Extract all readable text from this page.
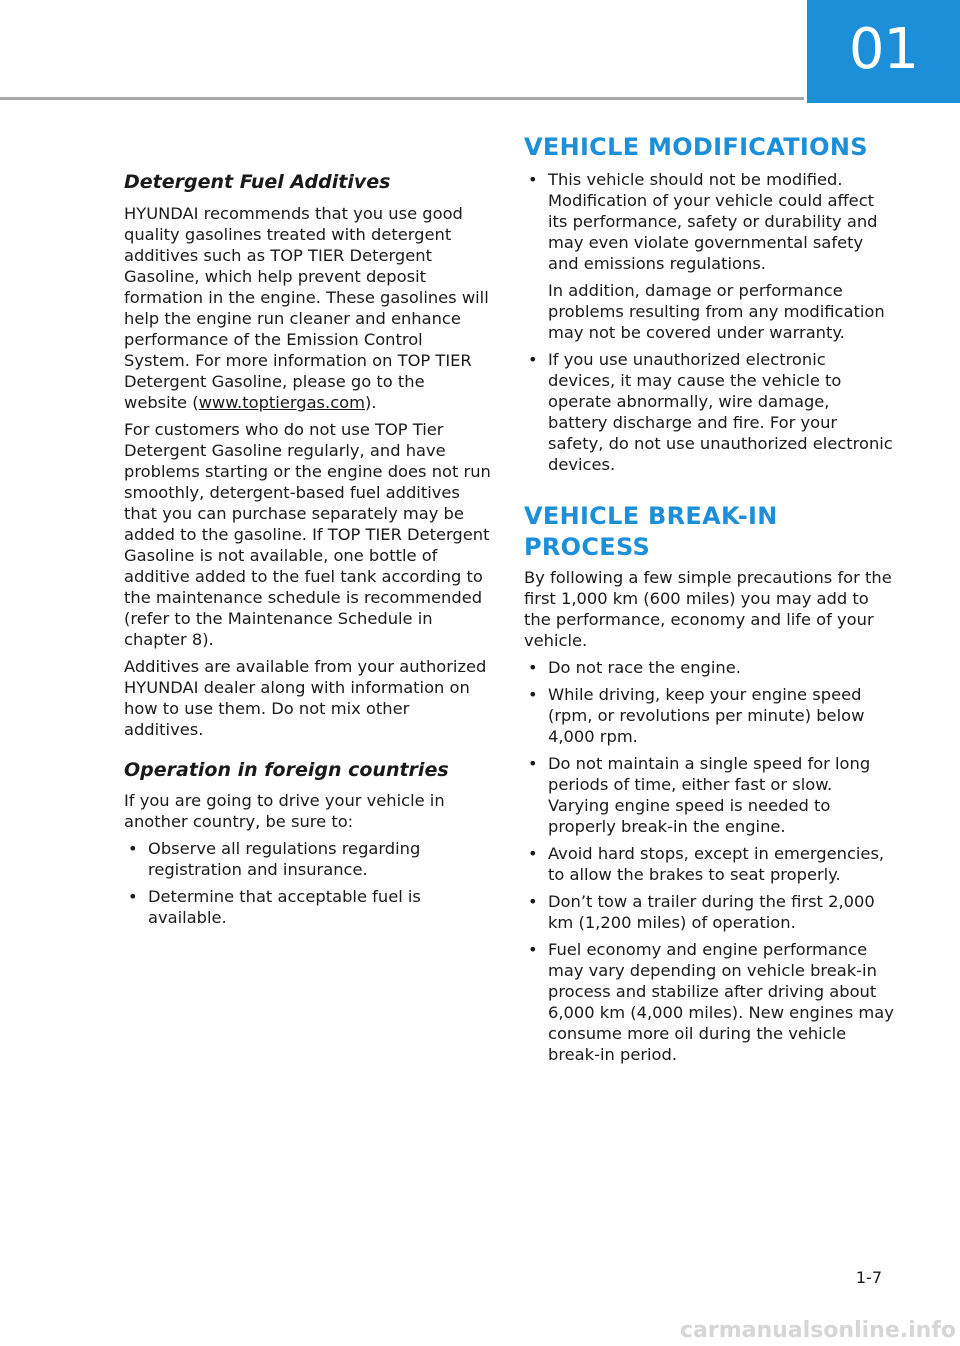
01
Detergent Fuel Additives

HYUNDAI recommends that you use good quality gasolines treated with detergent additives such as TOP TIER Detergent Gasoline, which help prevent deposit formation in the engine. These gasolines will help the engine run cleaner and enhance performance of the Emission Control System. For more information on TOP TIER Detergent Gasoline, please go to the website (www.toptiergas.com).

For customers who do not use TOP Tier Detergent Gasoline regularly, and have problems starting or the engine does not run smoothly, detergent-based fuel additives that you can purchase separately may be added to the gasoline. If TOP TIER Detergent Gasoline is not available, one bottle of additive added to the fuel tank according to the maintenance schedule is recommended (refer to the Maintenance Schedule in chapter 8).

Additives are available from your authorized HYUNDAI dealer along with information on how to use them. Do not mix other additives.

Operation in foreign countries

If you are going to drive your vehicle in another country, be sure to:

• Observe all regulations regarding registration and insurance.
• Determine that acceptable fuel is available.
VEHICLE MODIFICATIONS
• This vehicle should not be modified. Modification of your vehicle could affect its performance, safety or durability and may even violate governmental safety and emissions regulations.
In addition, damage or performance problems resulting from any modification may not be covered under warranty.
• If you use unauthorized electronic devices, it may cause the vehicle to operate abnormally, wire damage, battery discharge and fire. For your safety, do not use unauthorized electronic devices.
VEHICLE BREAK-IN
PROCESS

By following a few simple precautions for the first 1,000 km (600 miles) you may add to the performance, economy and life of your vehicle.

• Do not race the engine.
• While driving, keep your engine speed (rpm, or revolutions per minute) below 4,000 rpm.
• Do not maintain a single speed for long periods of time, either fast or slow. Varying engine speed is needed to properly break-in the engine.
• Avoid hard stops, except in emergencies, to allow the brakes to seat properly.
• Don’t tow a trailer during the first 2,000 km (1,200 miles) of operation.
• Fuel economy and engine performance may vary depending on vehicle break-in process and stabilize after driving about 6,000 km (4,000 miles). New engines may consume more oil during the vehicle break-in period.
1-7
carmanualsonline.info
